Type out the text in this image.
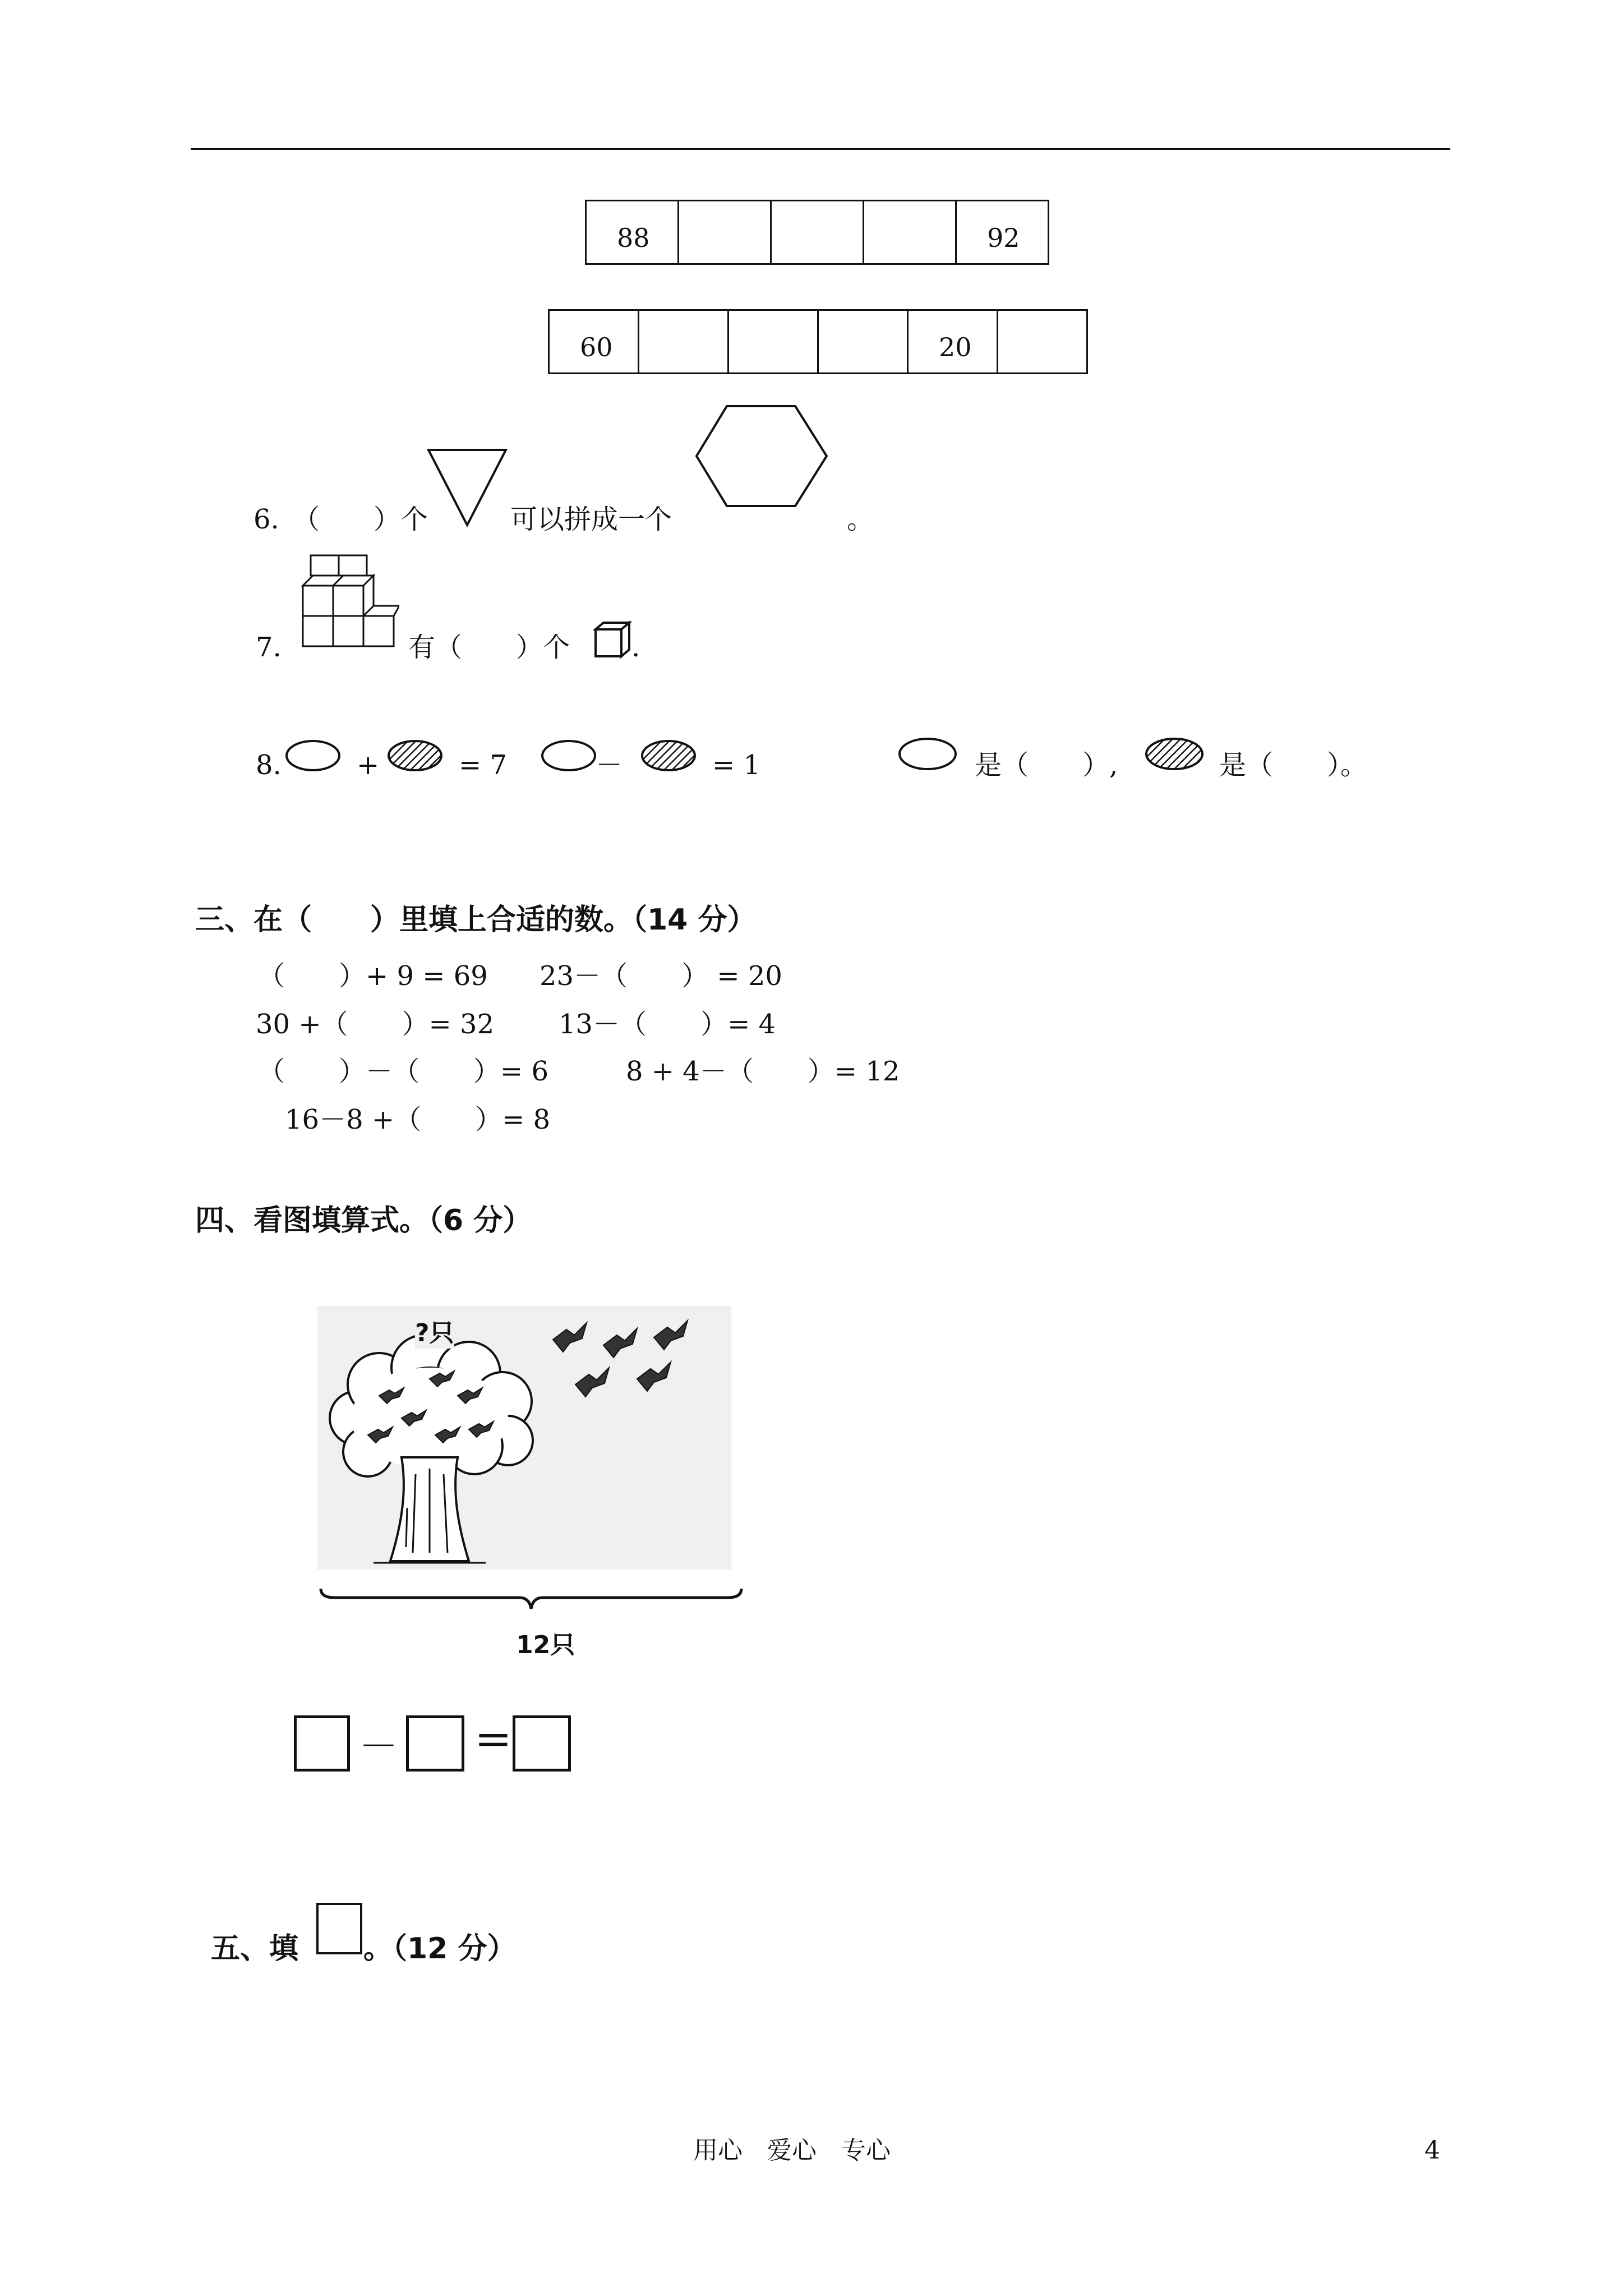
88	92
60	20
6. （　　） 个	可以拼成一个	。
7.	有（　　）个 .
8.	+	= 7	－	= 1	是（　　）,	是（　　）。
三、在（　　）里填上合适的数。（14 分）
（　　）+ 9 = 69 23－（　　） = 20
30 +（　　）= 32 13－（　　）= 4
（　　）－（　　）= 6	8 + 4－（　　）= 12
16－8 +（　　）= 8
四、看图填算式。（6 分）
?只
12只
－ =
五、填 。（12 分）
用心　爱心　专心	4
